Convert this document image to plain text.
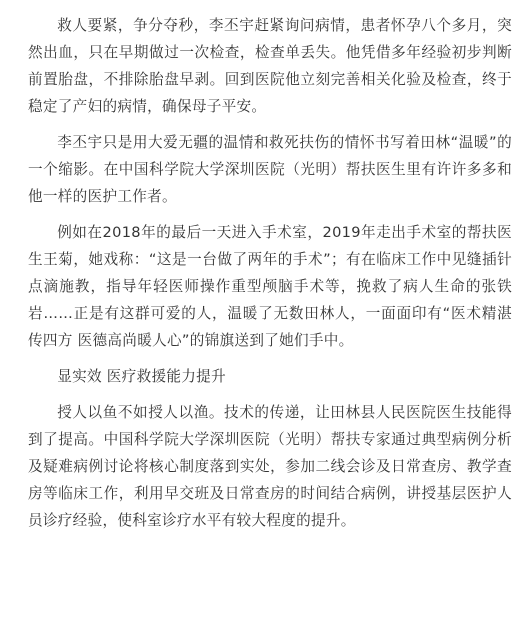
救人要紧，争分夺秒，李丕宇赶紧询问病情，患者怀孕八个多月，突然出血，只在早期做过一次检查，检查单丢失。他凭借多年经验初步判断前置胎盘，不排除胎盘早剥。回到医院他立刻完善相关化验及检查，终于稳定了产妇的病情，确保母子平安。

李丕宇只是用大爱无疆的温情和救死扶伤的情怀书写着田林“温暖”的一个缩影。在中国科学院大学深圳医院（光明）帮扶医生里有许许多多和他一样的医护工作者。

例如在2018年的最后一天进入手术室，2019年走出手术室的帮扶医生王菊，她戏称：“这是一台做了两年的手术”；有在临床工作中见缝插针点滴施教，指导年轻医师操作重型颅脑手术等，挽救了病人生命的张铁岩……正是有这群可爱的人，温暖了无数田林人，一面面印有“医术精湛传四方 医德高尚暖人心”的锦旗送到了她们手中。

显实效 医疗救援能力提升

授人以鱼不如授人以渔。技术的传递，让田林县人民医院医生技能得到了提高。中国科学院大学深圳医院（光明）帮扶专家通过典型病例分析及疑难病例讨论将核心制度落到实处，参加二线会诊及日常查房、教学查房等临床工作，利用早交班及日常查房的时间结合病例，讲授基层医护人员诊疗经验，使科室诊疗水平有较大程度的提升。
